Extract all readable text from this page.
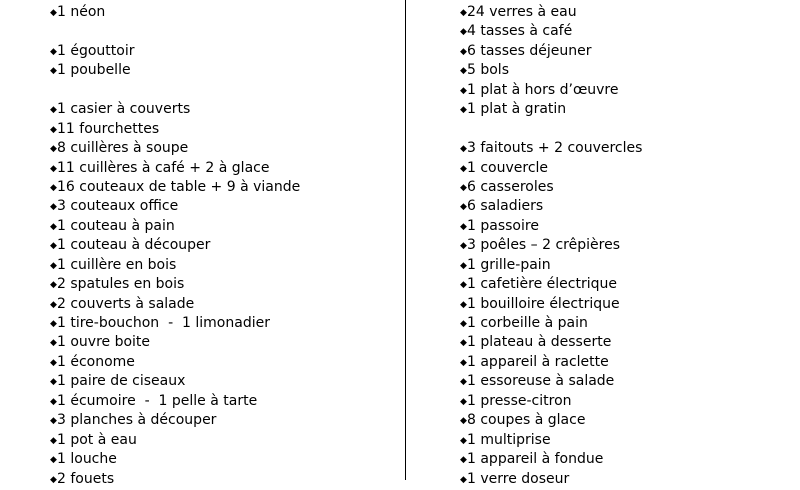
◆1 néon
◆1 égouttoir
◆1 poubelle
◆1 casier à couverts
◆11 fourchettes
◆8 cuillères à soupe
◆11 cuillères à café + 2 à glace
◆16 couteaux de table + 9 à viande
◆3 couteaux office
◆1 couteau à pain
◆1 couteau à découper
◆1 cuillère en bois
◆2 spatules en bois
◆2 couverts à salade
◆1 tire-bouchon  -  1 limonadier
◆1 ouvre boite
◆1 économe
◆1 paire de ciseaux
◆1 écumoire  -  1 pelle à tarte
◆3 planches à découper
◆1 pot à eau
◆1 louche
◆2 fouets
◆24 verres à eau
◆4 tasses à café
◆6 tasses déjeuner
◆5 bols
◆1 plat à hors d’œuvre
◆1 plat à gratin
◆3 faitouts + 2 couvercles
◆1 couvercle
◆6 casseroles
◆6 saladiers
◆1 passoire
◆3 poêles – 2 crêpières
◆1 grille-pain
◆1 cafetière électrique
◆1 bouilloire électrique
◆1 corbeille à pain
◆1 plateau à desserte
◆1 appareil à raclette
◆1 essoreuse à salade
◆1 presse-citron
◆8 coupes à glace
◆1 multiprise
◆1 appareil à fondue
◆1 verre doseur
